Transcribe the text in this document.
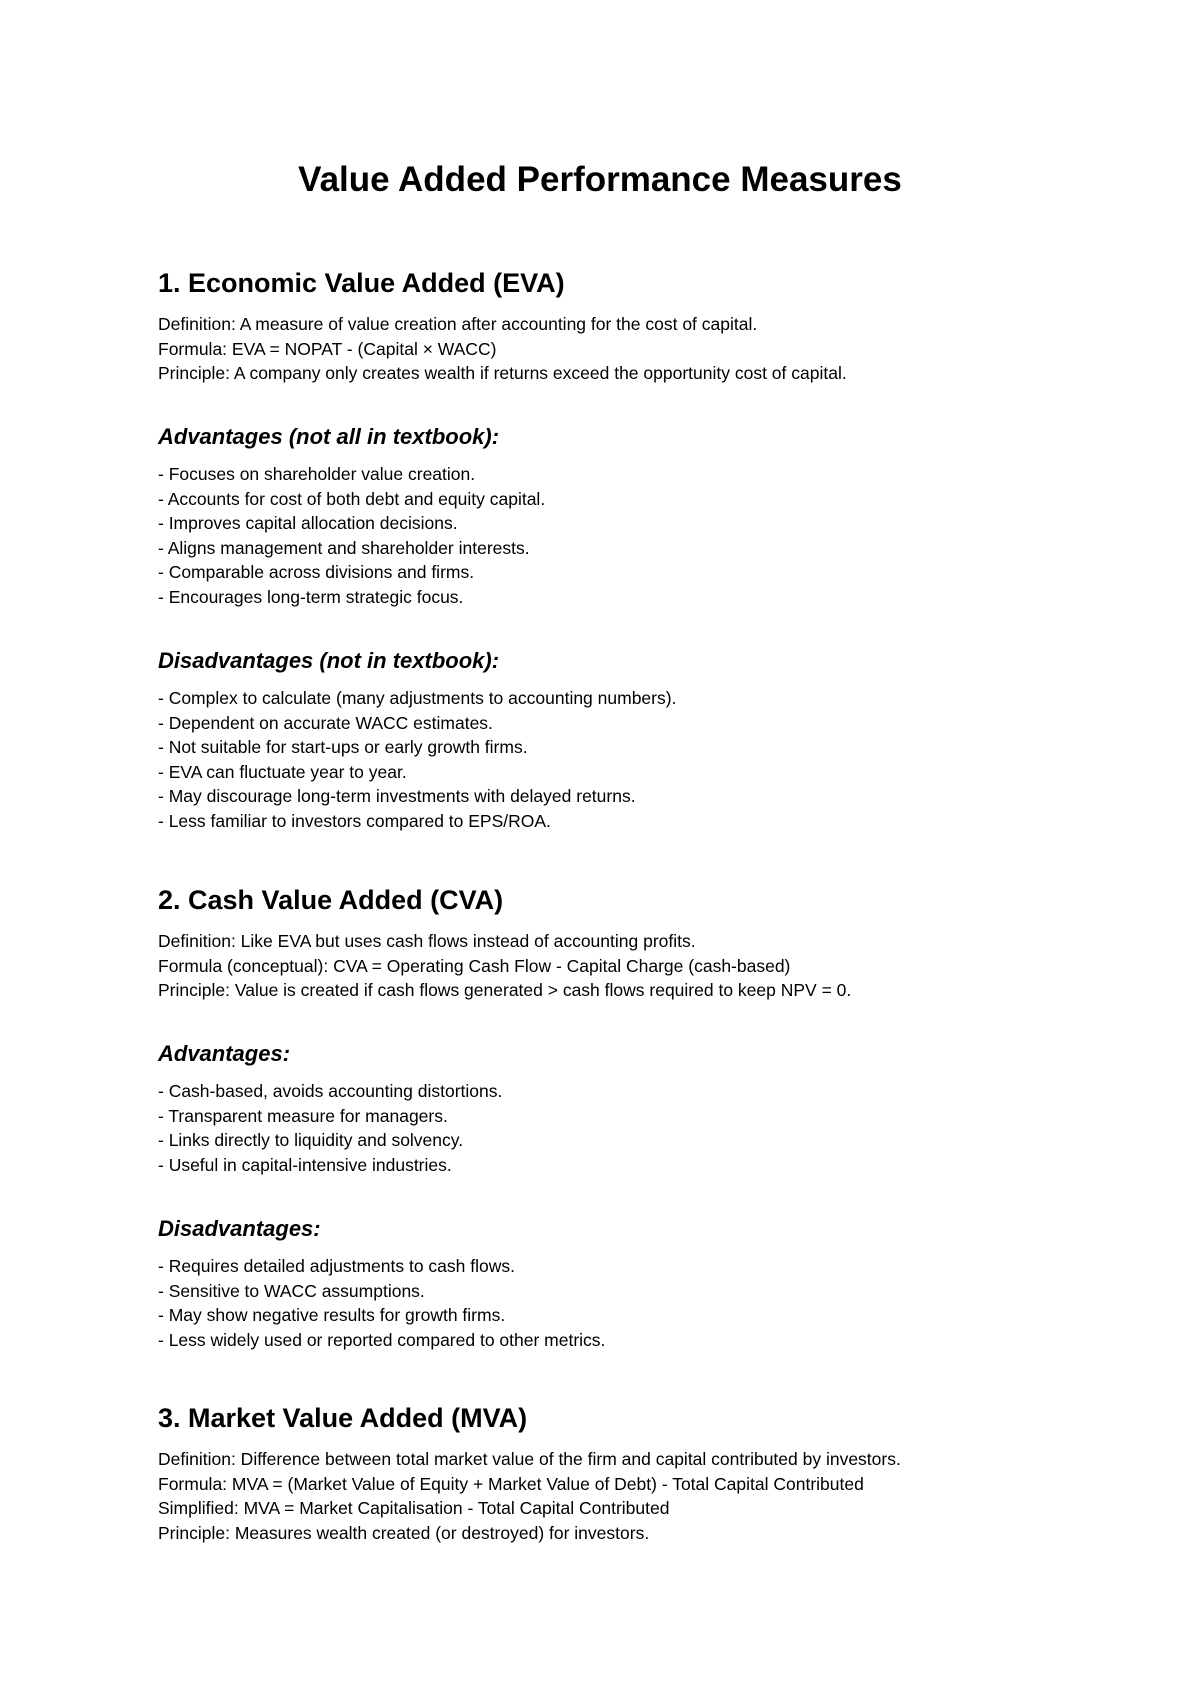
Value Added Performance Measures
1. Economic Value Added (EVA)
Definition: A measure of value creation after accounting for the cost of capital.
Formula: EVA = NOPAT - (Capital × WACC)
Principle: A company only creates wealth if returns exceed the opportunity cost of capital.
Advantages (not all in textbook):
- Focuses on shareholder value creation.
- Accounts for cost of both debt and equity capital.
- Improves capital allocation decisions.
- Aligns management and shareholder interests.
- Comparable across divisions and firms.
- Encourages long-term strategic focus.
Disadvantages (not in textbook):
- Complex to calculate (many adjustments to accounting numbers).
- Dependent on accurate WACC estimates.
- Not suitable for start-ups or early growth firms.
- EVA can fluctuate year to year.
- May discourage long-term investments with delayed returns.
- Less familiar to investors compared to EPS/ROA.
2. Cash Value Added (CVA)
Definition: Like EVA but uses cash flows instead of accounting profits.
Formula (conceptual): CVA = Operating Cash Flow - Capital Charge (cash-based)
Principle: Value is created if cash flows generated > cash flows required to keep NPV = 0.
Advantages:
- Cash-based, avoids accounting distortions.
- Transparent measure for managers.
- Links directly to liquidity and solvency.
- Useful in capital-intensive industries.
Disadvantages:
- Requires detailed adjustments to cash flows.
- Sensitive to WACC assumptions.
- May show negative results for growth firms.
- Less widely used or reported compared to other metrics.
3. Market Value Added (MVA)
Definition: Difference between total market value of the firm and capital contributed by investors.
Formula: MVA = (Market Value of Equity + Market Value of Debt) - Total Capital Contributed
Simplified: MVA = Market Capitalisation - Total Capital Contributed
Principle: Measures wealth created (or destroyed) for investors.
